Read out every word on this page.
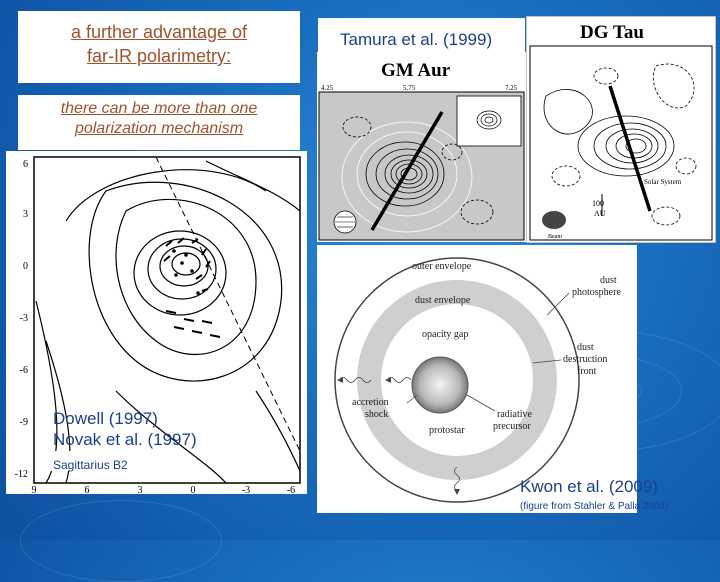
a further advantage of
far-IR polarimetry:
there can be more than one
polarization mechanism
Tamura et al. (1999)
6
3
0
-3
-6
-9
-12
9	6	3	0	-3	-6
Dowell (1997)
Novak et al. (1997)
Sagittarius B2
GM Aur
4.25	5.75	7.25
DG Tau
Solar System
100
AU
Beam
outer envelope
dust
photosphere
dust envelope
opacity gap
dust
destruction
front
accretion
shock	radiative
precursor
protostar
Kwon et al. (2009)
(figure from Stahler & Palla 2004)
